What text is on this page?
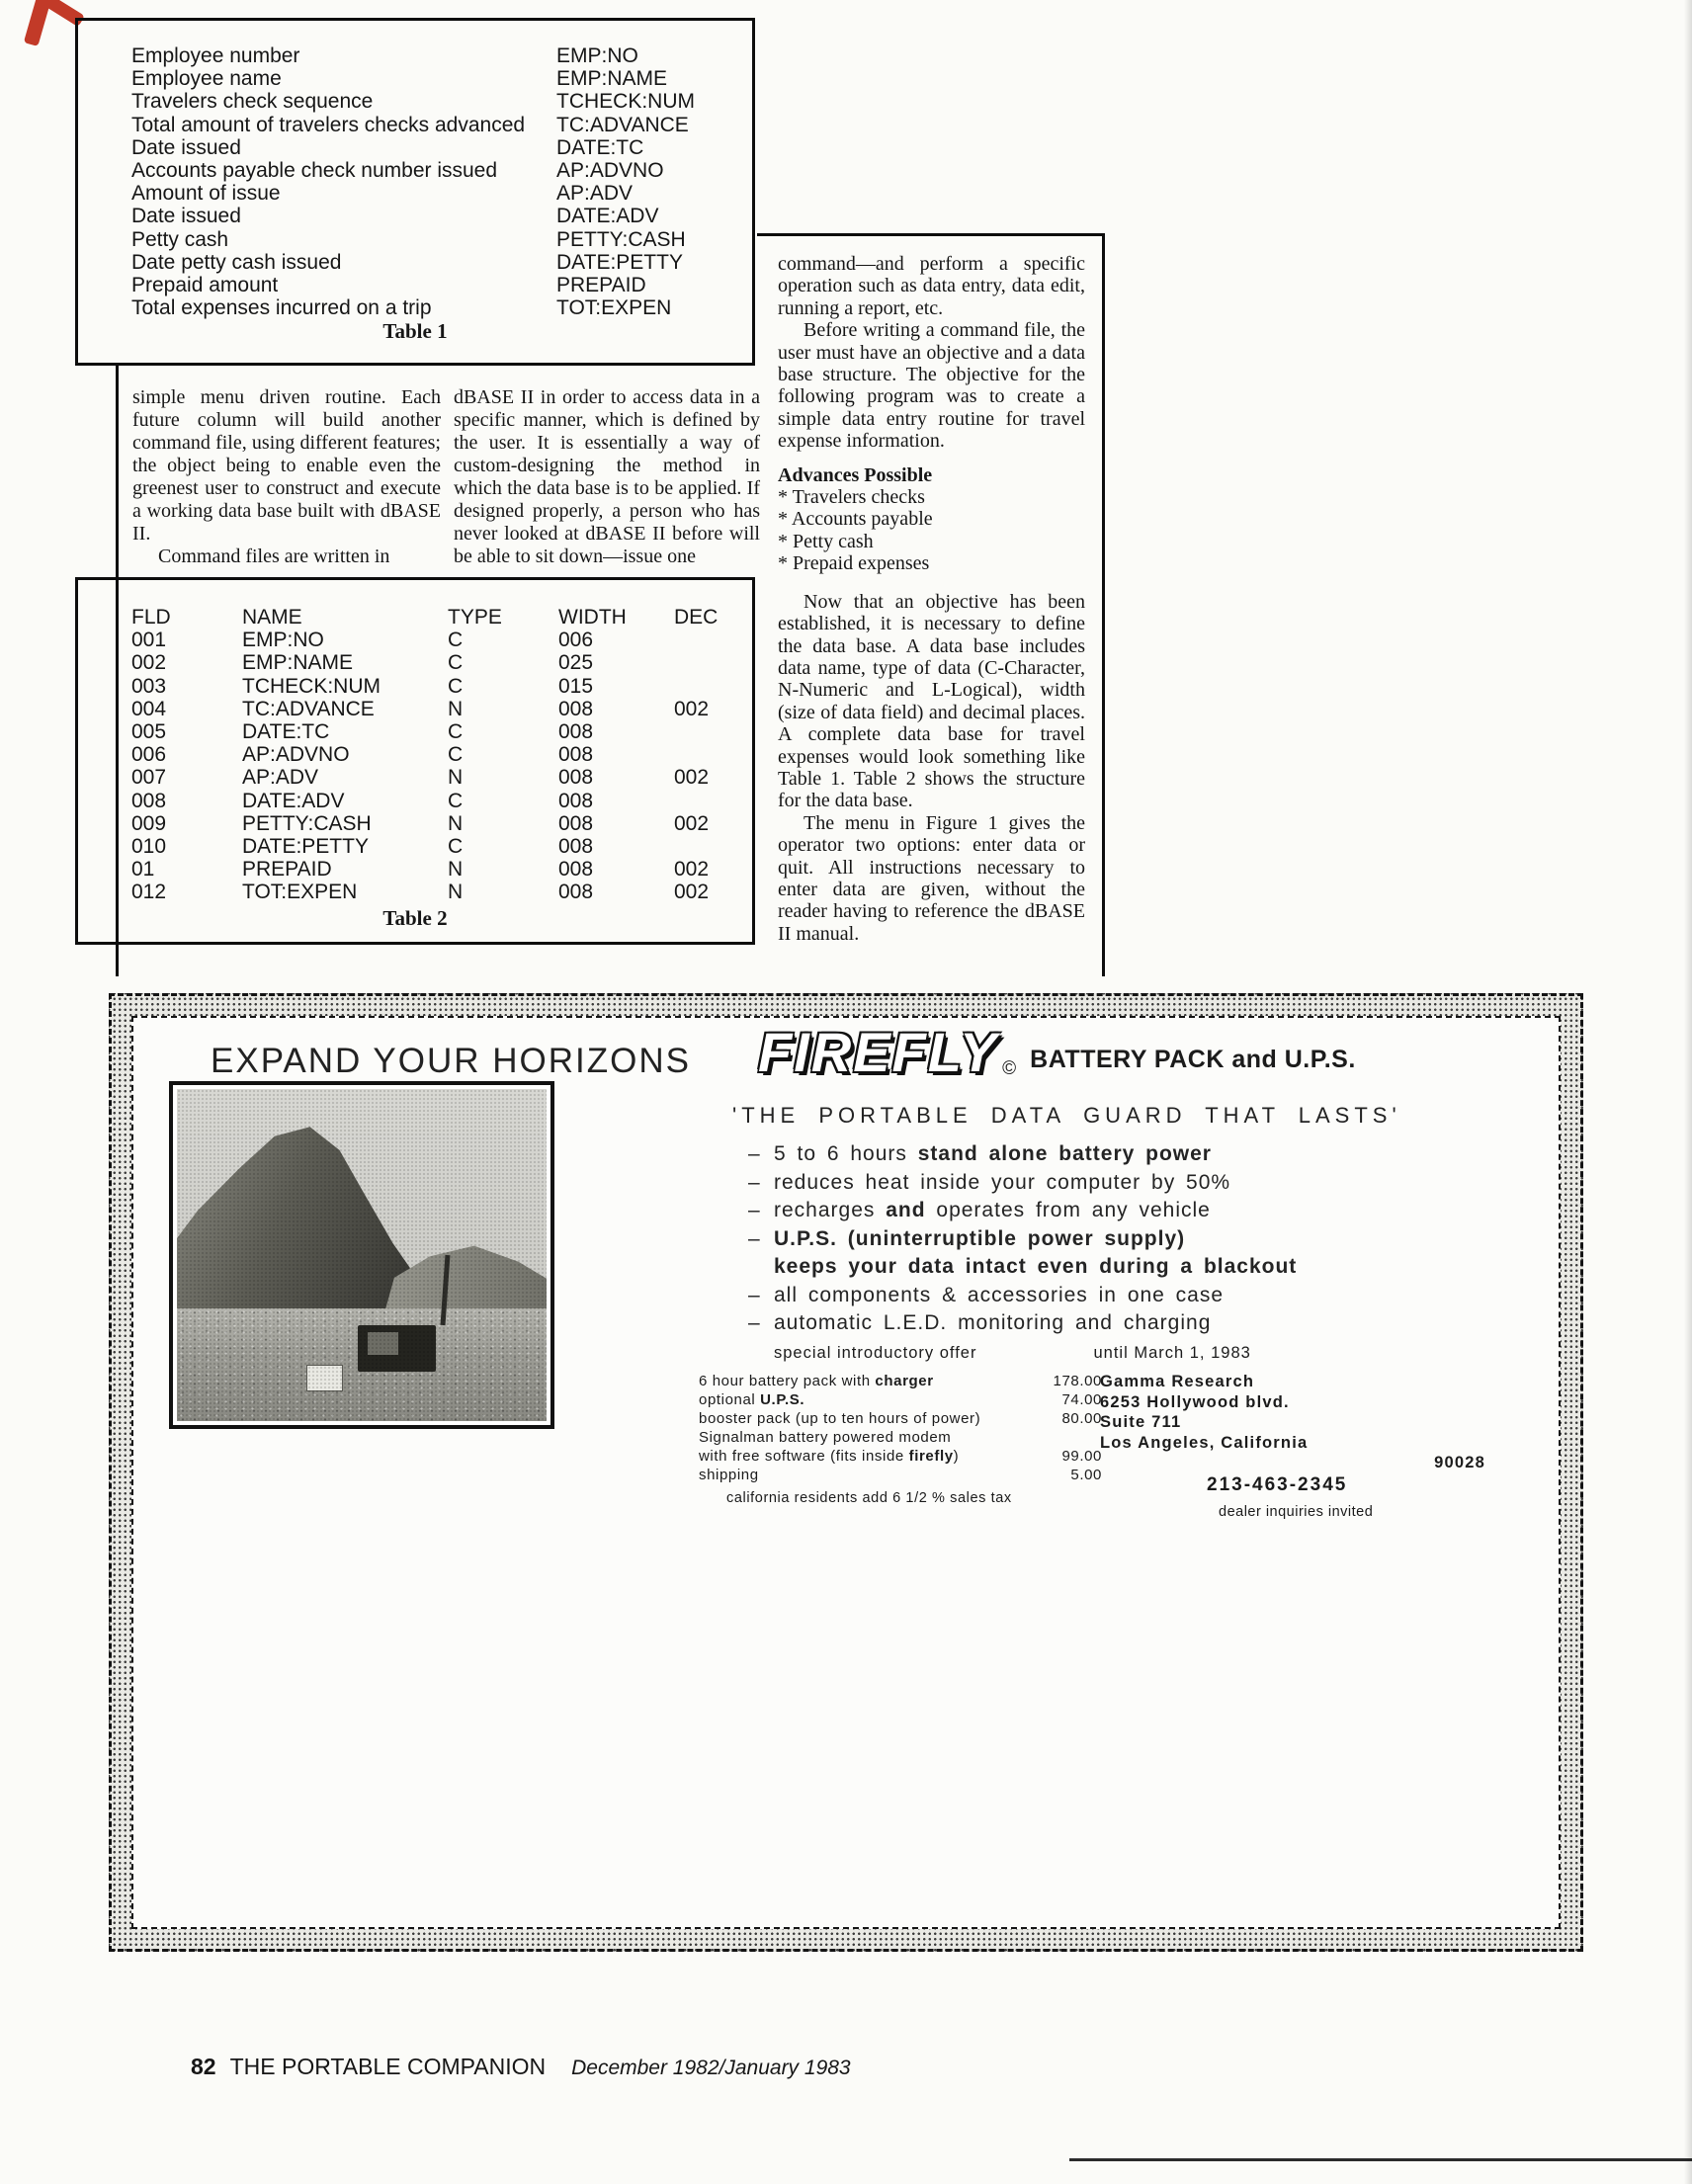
Employee number	EMP:NO
Employee name	EMP:NAME
Travelers check sequence	TCHECK:NUM
Total amount of travelers checks advanced	TC:ADVANCE
Date issued	DATE:TC
Accounts payable check number issued	AP:ADVNO
Amount of issue	AP:ADV
Date issued	DATE:ADV
Petty cash	PETTY:CASH
Date petty cash issued	DATE:PETTY
Prepaid amount	PREPAID
Total expenses incurred on a trip	TOT:EXPEN
Table 1

simple menu driven routine. Each future column will build another command file, using different features; the object being to enable even the greenest user to construct and execute a working data base built with dBASE II.

Command files are written in

dBASE II in order to access data in a specific manner, which is defined by the user. It is essentially a way of custom-designing the method in which the data base is to be applied. If designed properly, a person who has never looked at dBASE II before will be able to sit down—issue one

command—and perform a specific operation such as data entry, data edit, running a report, etc.

Before writing a command file, the user must have an objective and a data base structure. The objective for the following program was to create a simple data entry routine for travel expense information.

Advances Possible

* Travelers checks
* Accounts payable
* Petty cash
* Prepaid expenses

Now that an objective has been established, it is necessary to define the data base. A data base includes data name, type of data (C-Character, N-Numeric and L-Logical), width (size of data field) and decimal places. A complete data base for travel expenses would look something like Table 1. Table 2 shows the structure for the data base.

The menu in Figure 1 gives the operator two options: enter data or quit. All instructions necessary to enter data are given, without the reader having to reference the dBASE II manual.

FLD	NAME	TYPE	WIDTH	DEC
001	EMP:NO	C	006
002	EMP:NAME	C	025
003	TCHECK:NUM	C	015
004	TC:ADVANCE	N	008	002
005	DATE:TC	C	008
006	AP:ADVNO	C	008
007	AP:ADV	N	008	002
008	DATE:ADV	C	008
009	PETTY:CASH	N	008	002
010	DATE:PETTY	C	008
01	PREPAID	N	008	002
012	TOT:EXPEN	N	008	002
Table 2
EXPAND YOUR HORIZONS FIREFLY © BATTERY PACK and U.P.S.
'THE PORTABLE DATA GUARD THAT LASTS'
– 5 to 6 hours stand alone battery power
– reduces heat inside your computer by 50%
– recharges and operates from any vehicle
– U.P.S. (uninterruptible power supply)
keeps your data intact even during a blackout
– all components & accessories in one case
– automatic L.E.D. monitoring and charging
special introductory offer	until March 1, 1983
6 hour battery pack with charger	178.00
optional U.P.S.	74.00
booster pack (up to ten hours of power)	80.00
Signalman battery powered modem
with free software (fits inside firefly)	99.00
shipping	5.00
california residents add 6 1/2 % sales tax
Gamma Research
6253 Hollywood blvd.
Suite 711
Los Angeles, California
90028
213-463-2345
dealer inquiries invited
82 THE PORTABLE COMPANION December 1982/January 1983
